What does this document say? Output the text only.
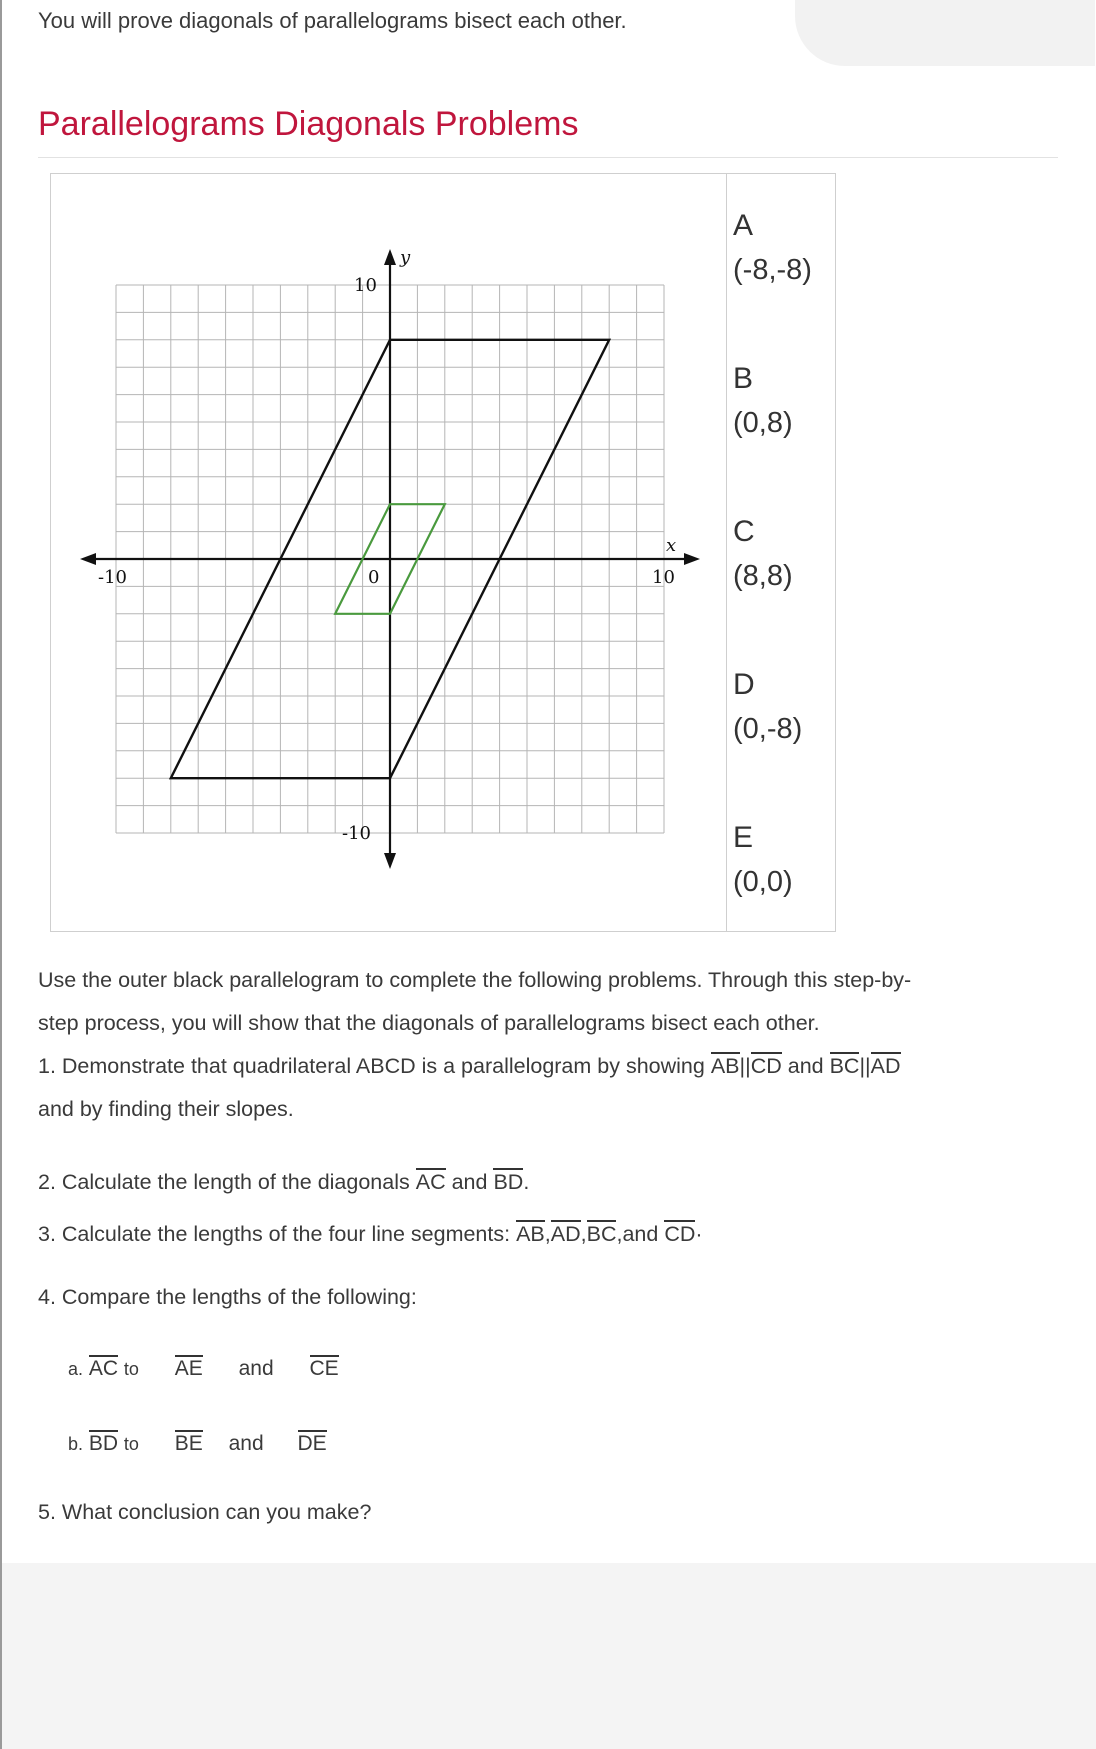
You will prove diagonals of parallelograms bisect each other.

Parallelograms Diagonals Problems
-10	10
10
-10
0
x
y
A
(-8,-8)
B
(0,8)
C
(8,8)
D
(0,-8)
E
(0,0)
Use the outer black parallelogram to complete the following problems. Through this step-by-
step process, you will show that the diagonals of parallelograms bisect each other.
1. Demonstrate that quadrilateral ABCD is a parallelogram by showing AB||CD and BC||AD
and by finding their slopes.
2. Calculate the length of the diagonals AC and BD.
3. Calculate the lengths of the four line segments: AB,AD,BC,and CD·
4. Compare the lengths of the following:
a. AC to AE and CE
b. BD to BE and DE
5. What conclusion can you make?
